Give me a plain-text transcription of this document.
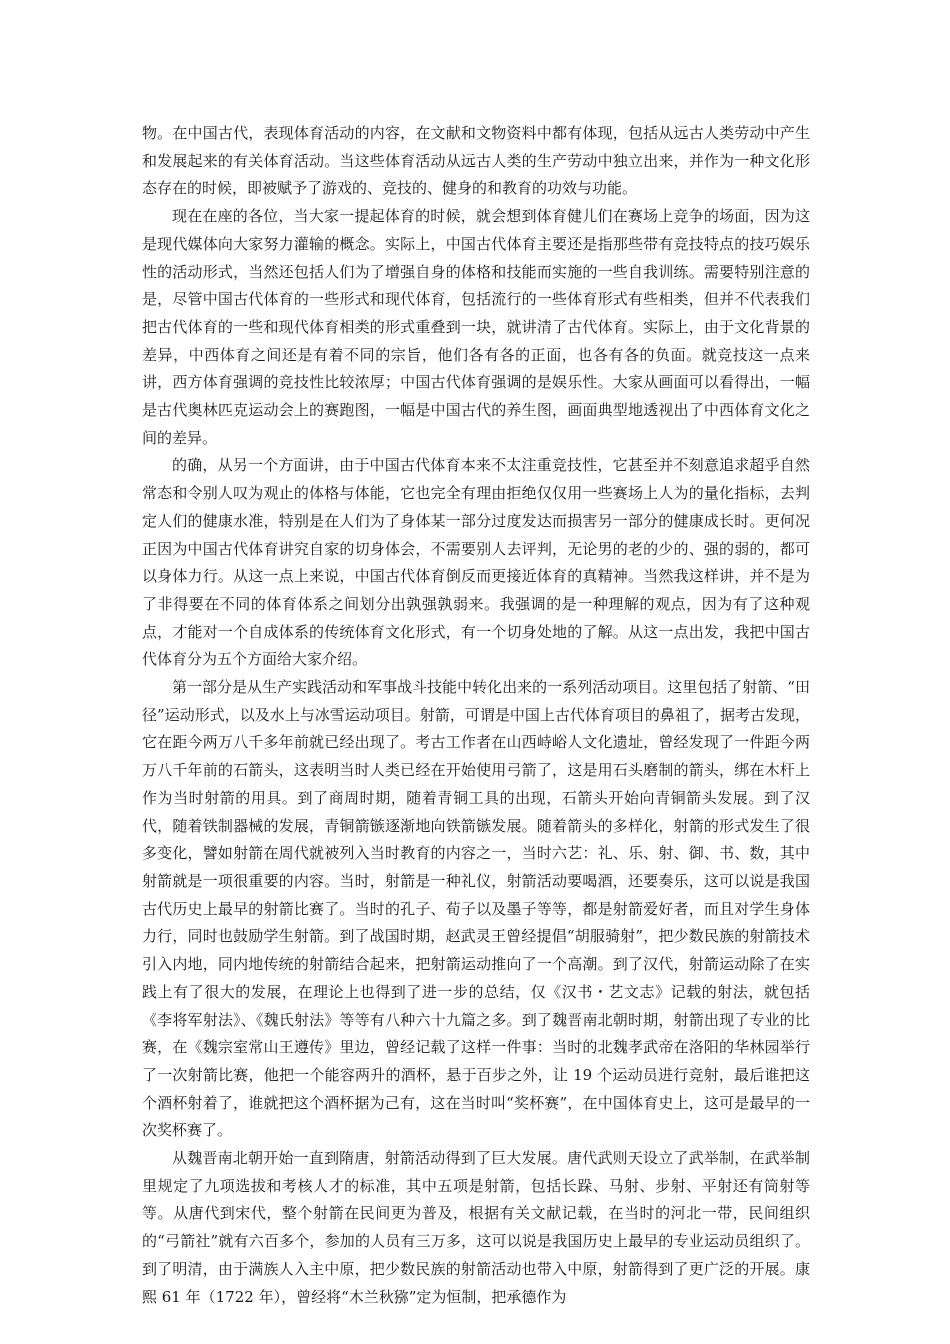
物。在中国古代，表现体育活动的内容，在文献和文物资料中都有体现，包括从远古人类劳动中产生和发展起来的有关体育活动。当这些体育活动从远古人类的生产劳动中独立出来，并作为一种文化形态存在的时候，即被赋予了游戏的、竞技的、健身的和教育的功效与功能。

现在在座的各位，当大家一提起体育的时候，就会想到体育健儿们在赛场上竞争的场面，因为这是现代媒体向大家努力灌输的概念。实际上，中国古代体育主要还是指那些带有竞技特点的技巧娱乐性的活动形式，当然还包括人们为了增强自身的体格和技能而实施的一些自我训练。需要特别注意的是，尽管中国古代体育的一些形式和现代体育，包括流行的一些体育形式有些相类，但并不代表我们把古代体育的一些和现代体育相类的形式重叠到一块，就讲清了古代体育。实际上，由于文化背景的差异，中西体育之间还是有着不同的宗旨，他们各有各的正面，也各有各的负面。就竞技这一点来讲，西方体育强调的竞技性比较浓厚；中国古代体育强调的是娱乐性。大家从画面可以看得出，一幅是古代奥林匹克运动会上的赛跑图，一幅是中国古代的养生图，画面典型地透视出了中西体育文化之间的差异。

的确，从另一个方面讲，由于中国古代体育本来不太注重竞技性，它甚至并不刻意追求超乎自然常态和令别人叹为观止的体格与体能，它也完全有理由拒绝仅仅用一些赛场上人为的量化指标，去判定人们的健康水准，特别是在人们为了身体某一部分过度发达而损害另一部分的健康成长时。更何况正因为中国古代体育讲究自家的切身体会，不需要别人去评判，无论男的老的少的、强的弱的，都可以身体力行。从这一点上来说，中国古代体育倒反而更接近体育的真精神。当然我这样讲，并不是为了非得要在不同的体育体系之间划分出孰强孰弱来。我强调的是一种理解的观点，因为有了这种观点，才能对一个自成体系的传统体育文化形式，有一个切身处地的了解。从这一点出发，我把中国古代体育分为五个方面给大家介绍。

第一部分是从生产实践活动和军事战斗技能中转化出来的一系列活动项目。这里包括了射箭、“田径”运动形式，以及水上与冰雪运动项目。射箭，可谓是中国上古代体育项目的鼻祖了，据考古发现，它在距今两万八千多年前就已经出现了。考古工作者在山西峙峪人文化遗址，曾经发现了一件距今两万八千年前的石箭头，这表明当时人类已经在开始使用弓箭了，这是用石头磨制的箭头，绑在木杆上作为当时射箭的用具。到了商周时期，随着青铜工具的出现，石箭头开始向青铜箭头发展。到了汉代，随着铁制器械的发展，青铜箭镞逐渐地向铁箭镞发展。随着箭头的多样化，射箭的形式发生了很多变化，譬如射箭在周代就被列入当时教育的内容之一，当时六艺：礼、乐、射、御、书、数，其中射箭就是一项很重要的内容。当时，射箭是一种礼仪，射箭活动要喝酒，还要奏乐，这可以说是我国古代历史上最早的射箭比赛了。当时的孔子、荀子以及墨子等等，都是射箭爱好者，而且对学生身体力行，同时也鼓励学生射箭。到了战国时期，赵武灵王曾经提倡“胡服骑射”，把少数民族的射箭技术引入内地，同内地传统的射箭结合起来，把射箭运动推向了一个高潮。到了汉代，射箭运动除了在实践上有了很大的发展，在理论上也得到了进一步的总结，仅《汉书・艺文志》记载的射法，就包括《李将军射法》、《魏氏射法》等等有八种六十九篇之多。到了魏晋南北朝时期，射箭出现了专业的比赛，在《魏宗室常山王遵传》里边，曾经记载了这样一件事：当时的北魏孝武帝在洛阳的华林园举行了一次射箭比赛，他把一个能容两升的酒杯，悬于百步之外，让 19 个运动员进行竞射，最后谁把这个酒杯射着了，谁就把这个酒杯据为己有，这在当时叫“奖杯赛”，在中国体育史上，这可是最早的一次奖杯赛了。

从魏晋南北朝开始一直到隋唐，射箭活动得到了巨大发展。唐代武则天设立了武举制，在武举制里规定了九项选拔和考核人才的标准，其中五项是射箭，包括长跺、马射、步射、平射还有筒射等等。从唐代到宋代，整个射箭在民间更为普及，根据有关文献记载，在当时的河北一带，民间组织的“弓箭社”就有六百多个，参加的人员有三万多，这可以说是我国历史上最早的专业运动员组织了。到了明清，由于满族人入主中原，把少数民族的射箭活动也带入中原，射箭得到了更广泛的开展。康熙 61 年（1722 年），曾经将“木兰秋猕”定为恒制，把承德作为
